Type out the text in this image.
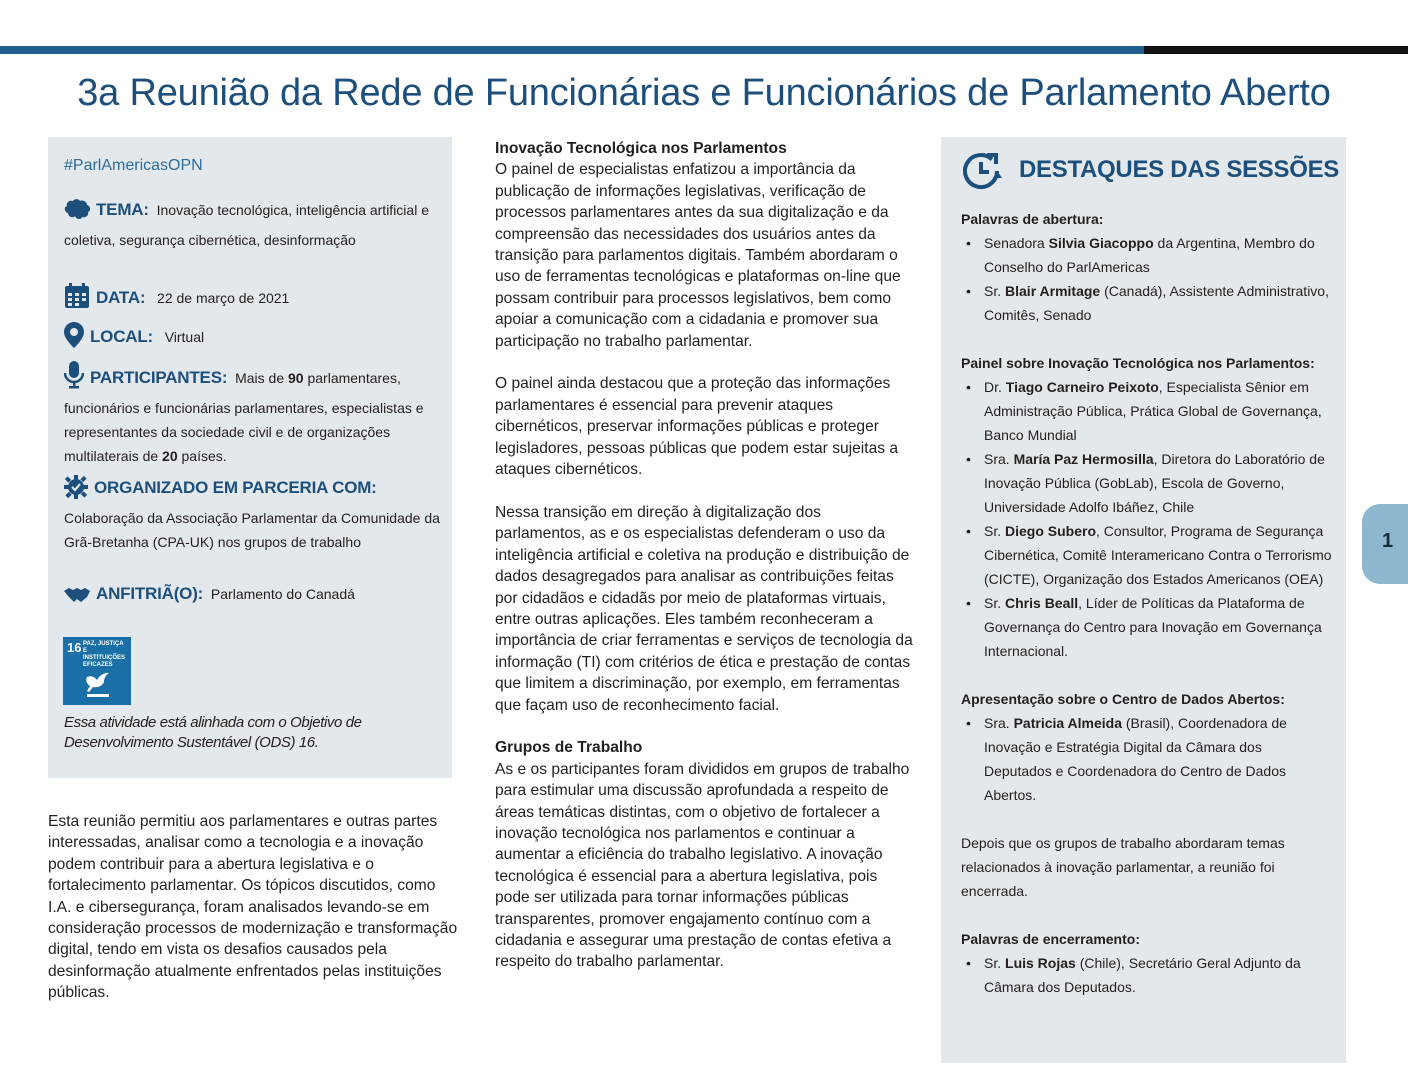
3a Reunião da Rede de Funcionárias e Funcionários de Parlamento Aberto
#ParlAmericasOPN
TEMA: Inovação tecnológica, inteligência artificial e coletiva, segurança cibernética, desinformação
DATA: 22 de março de 2021
LOCAL: Virtual
PARTICIPANTES: Mais de 90 parlamentares, funcionários e funcionárias parlamentares, especialistas e representantes da sociedade civil e de organizações multilaterais de 20 países.
ORGANIZADO EM PARCERIA COM:
Colaboração da Associação Parlamentar da Comunidade da Grã-Bretanha (CPA-UK) nos grupos de trabalho
ANFITRIÃ(O): Parlamento do Canadá
16 PAZ, JUSTIÇA E INSTITUIÇÕES EFICAZES
Essa atividade está alinhada com o Objetivo de Desenvolvimento Sustentável (ODS) 16.
Esta reunião permitiu aos parlamentares e outras partes interessadas, analisar como a tecnologia e a inovação podem contribuir para a abertura legislativa e o fortalecimento parlamentar. Os tópicos discutidos, como I.A. e cibersegurança, foram analisados levando-se em consideração processos de modernização e transformação digital, tendo em vista os desafios causados pela desinformação atualmente enfrentados pelas instituições públicas.

Inovação Tecnológica nos Parlamentos
O painel de especialistas enfatizou a importância da publicação de informações legislativas, verificação de processos parlamentares antes da sua digitalização e da compreensão das necessidades dos usuários antes da transição para parlamentos digitais. Também abordaram o uso de ferramentas tecnológicas e plataformas on-line que possam contribuir para processos legislativos, bem como apoiar a comunicação com a cidadania e promover sua participação no trabalho parlamentar.

O painel ainda destacou que a proteção das informações parlamentares é essencial para prevenir ataques cibernéticos, preservar informações públicas e proteger legisladores, pessoas públicas que podem estar sujeitas a ataques cibernéticos.

Nessa transição em direção à digitalização dos parlamentos, as e os especialistas defenderam o uso da inteligência artificial e coletiva na produção e distribuição de dados desagregados para analisar as contribuições feitas por cidadãos e cidadãs por meio de plataformas virtuais, entre outras aplicações. Eles também reconheceram a importância de criar ferramentas e serviços de tecnologia da informação (TI) com critérios de ética e prestação de contas que limitem a discriminação, por exemplo, em ferramentas que façam uso de reconhecimento facial.

Grupos de Trabalho
As e os participantes foram divididos em grupos de trabalho para estimular uma discussão aprofundada a respeito de áreas temáticas distintas, com o objetivo de fortalecer a inovação tecnológica nos parlamentos e continuar a aumentar a eficiência do trabalho legislativo. A inovação tecnológica é essencial para a abertura legislativa, pois pode ser utilizada para tornar informações públicas transparentes, promover engajamento contínuo com a cidadania e assegurar uma prestação de contas efetiva a respeito do trabalho parlamentar.

DESTAQUES DAS SESSÕES
Palavras de abertura:
• Senadora Silvia Giacoppo da Argentina, Membro do Conselho do ParlAmericas
• Sr. Blair Armitage (Canadá), Assistente Administrativo, Comitês, Senado
Painel sobre Inovação Tecnológica nos Parlamentos:
• Dr. Tiago Carneiro Peixoto, Especialista Sênior em Administração Pública, Prática Global de Governança, Banco Mundial
• Sra. María Paz Hermosilla, Diretora do Laboratório de Inovação Pública (GobLab), Escola de Governo, Universidade Adolfo Ibáñez, Chile
• Sr. Diego Subero, Consultor, Programa de Segurança Cibernética, Comitê Interamericano Contra o Terrorismo (CICTE), Organização dos Estados Americanos (OEA)
• Sr. Chris Beall, Líder de Políticas da Plataforma de Governança do Centro para Inovação em Governança Internacional.
Apresentação sobre o Centro de Dados Abertos:
• Sra. Patricia Almeida (Brasil), Coordenadora de Inovação e Estratégia Digital da Câmara dos Deputados e Coordenadora do Centro de Dados Abertos.
Depois que os grupos de trabalho abordaram temas relacionados à inovação parlamentar, a reunião foi encerrada.
Palavras de encerramento:
• Sr. Luis Rojas (Chile), Secretário Geral Adjunto da Câmara dos Deputados.
1
